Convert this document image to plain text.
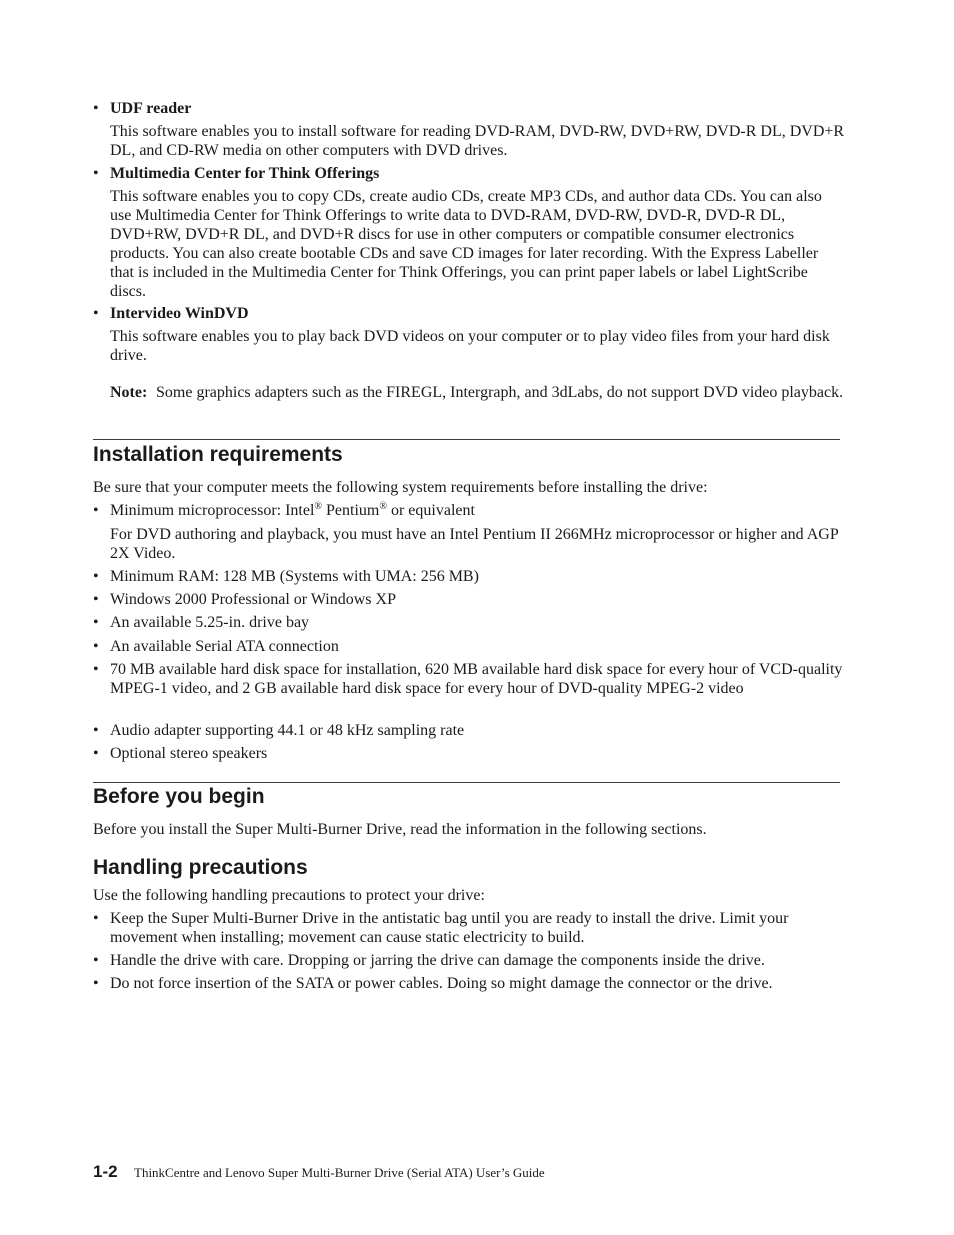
• UDF reader
This software enables you to install software for reading DVD-RAM, DVD-RW, DVD+RW, DVD-R DL, DVD+R DL, and CD-RW media on other computers with DVD drives.
• Multimedia Center for Think Offerings
This software enables you to copy CDs, create audio CDs, create MP3 CDs, and author data CDs. You can also use Multimedia Center for Think Offerings to write data to DVD-RAM, DVD-RW, DVD-R, DVD-R DL, DVD+RW, DVD+R DL, and DVD+R discs for use in other computers or compatible consumer electronics products. You can also create bootable CDs and save CD images for later recording. With the Express Labeller that is included in the Multimedia Center for Think Offerings, you can print paper labels or label LightScribe discs.
• Intervideo WinDVD
This software enables you to play back DVD videos on your computer or to play video files from your hard disk drive.
Note: Some graphics adapters such as the FIREGL, Intergraph, and 3dLabs, do not support DVD video playback.
Installation requirements
Be sure that your computer meets the following system requirements before installing the drive:
• Minimum microprocessor: Intel® Pentium® or equivalent
For DVD authoring and playback, you must have an Intel Pentium II 266MHz microprocessor or higher and AGP 2X Video.
• Minimum RAM: 128 MB (Systems with UMA: 256 MB)
• Windows 2000 Professional or Windows XP
• An available 5.25-in. drive bay
• An available Serial ATA connection
• 70 MB available hard disk space for installation, 620 MB available hard disk space for every hour of VCD-quality MPEG-1 video, and 2 GB available hard disk space for every hour of DVD-quality MPEG-2 video
• Audio adapter supporting 44.1 or 48 kHz sampling rate
• Optional stereo speakers
Before you begin
Before you install the Super Multi-Burner Drive, read the information in the following sections.
Handling precautions
Use the following handling precautions to protect your drive:
• Keep the Super Multi-Burner Drive in the antistatic bag until you are ready to install the drive. Limit your movement when installing; movement can cause static electricity to build.
• Handle the drive with care. Dropping or jarring the drive can damage the components inside the drive.
• Do not force insertion of the SATA or power cables. Doing so might damage the connector or the drive.
1-2 ThinkCentre and Lenovo Super Multi-Burner Drive (Serial ATA) User’s Guide
